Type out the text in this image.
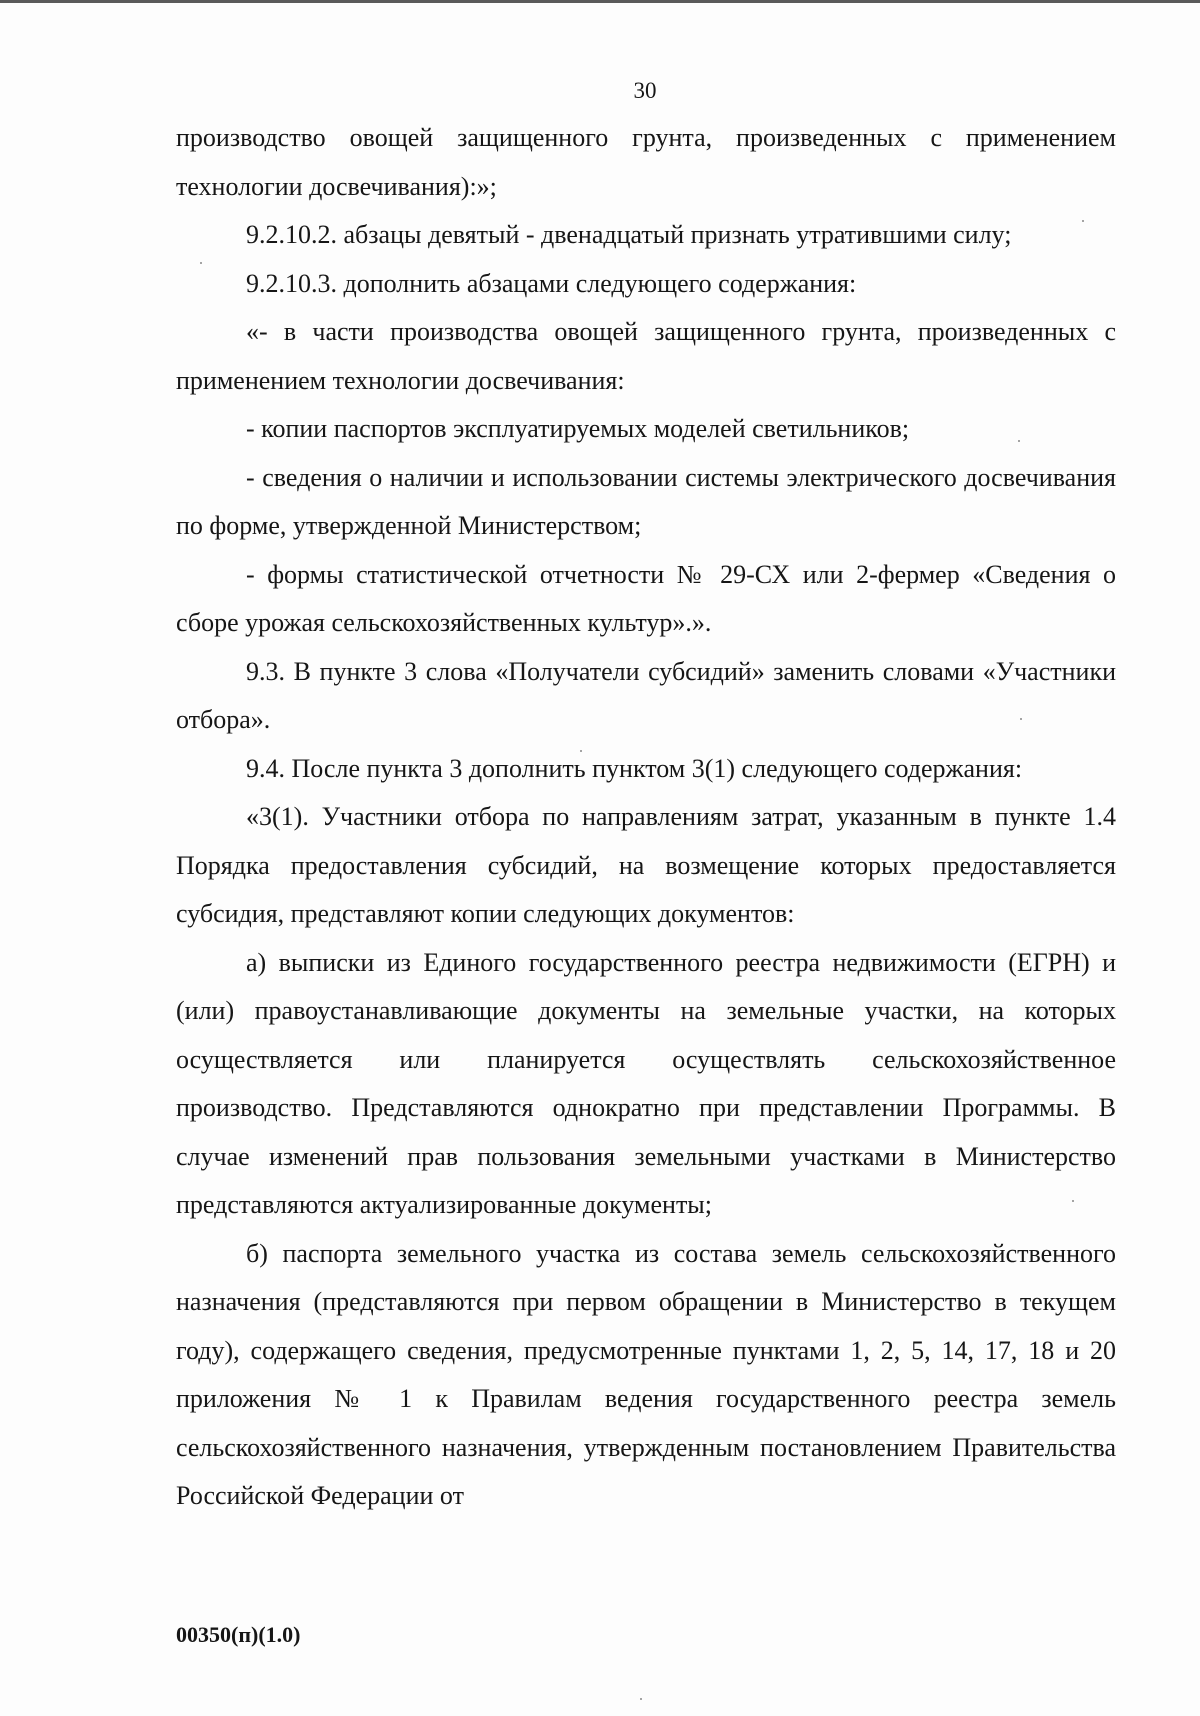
30

производство овощей защищенного грунта, произведенных с применением технологии досвечивания):»;

9.2.10.2. абзацы девятый - двенадцатый признать утратившими силу;

9.2.10.3. дополнить абзацами следующего содержания:

«- в части производства овощей защищенного грунта, произведенных с применением технологии досвечивания:

- копии паспортов эксплуатируемых моделей светильников;

- сведения о наличии и использовании системы электрического досвечивания по форме, утвержденной Министерством;

- формы статистической отчетности № 29-СХ или 2-фермер «Сведения о сборе урожая сельскохозяйственных культур».».

9.3. В пункте 3 слова «Получатели субсидий» заменить словами «Участники отбора».

9.4. После пункта 3 дополнить пунктом 3(1) следующего содержания:

«3(1). Участники отбора по направлениям затрат, указанным в пункте 1.4 Порядка предоставления субсидий, на возмещение которых предоставляется субсидия, представляют копии следующих документов:

а) выписки из Единого государственного реестра недвижимости (ЕГРН) и (или) правоустанавливающие документы на земельные участки, на которых осуществляется или планируется осуществлять сельскохозяйственное производство. Представляются однократно при представлении Программы. В случае изменений прав пользования земельными участками в Министерство представляются актуализированные документы;

б) паспорта земельного участка из состава земель сельскохозяйственного назначения (представляются при первом обращении в Министерство в текущем году), содержащего сведения, предусмотренные пунктами 1, 2, 5, 14, 17, 18 и 20 приложения № 1 к Правилам ведения государственного реестра земель сельскохозяйственного назначения, утвержденным постановлением Правительства Российской Федерации от

00350(п)(1.0)
